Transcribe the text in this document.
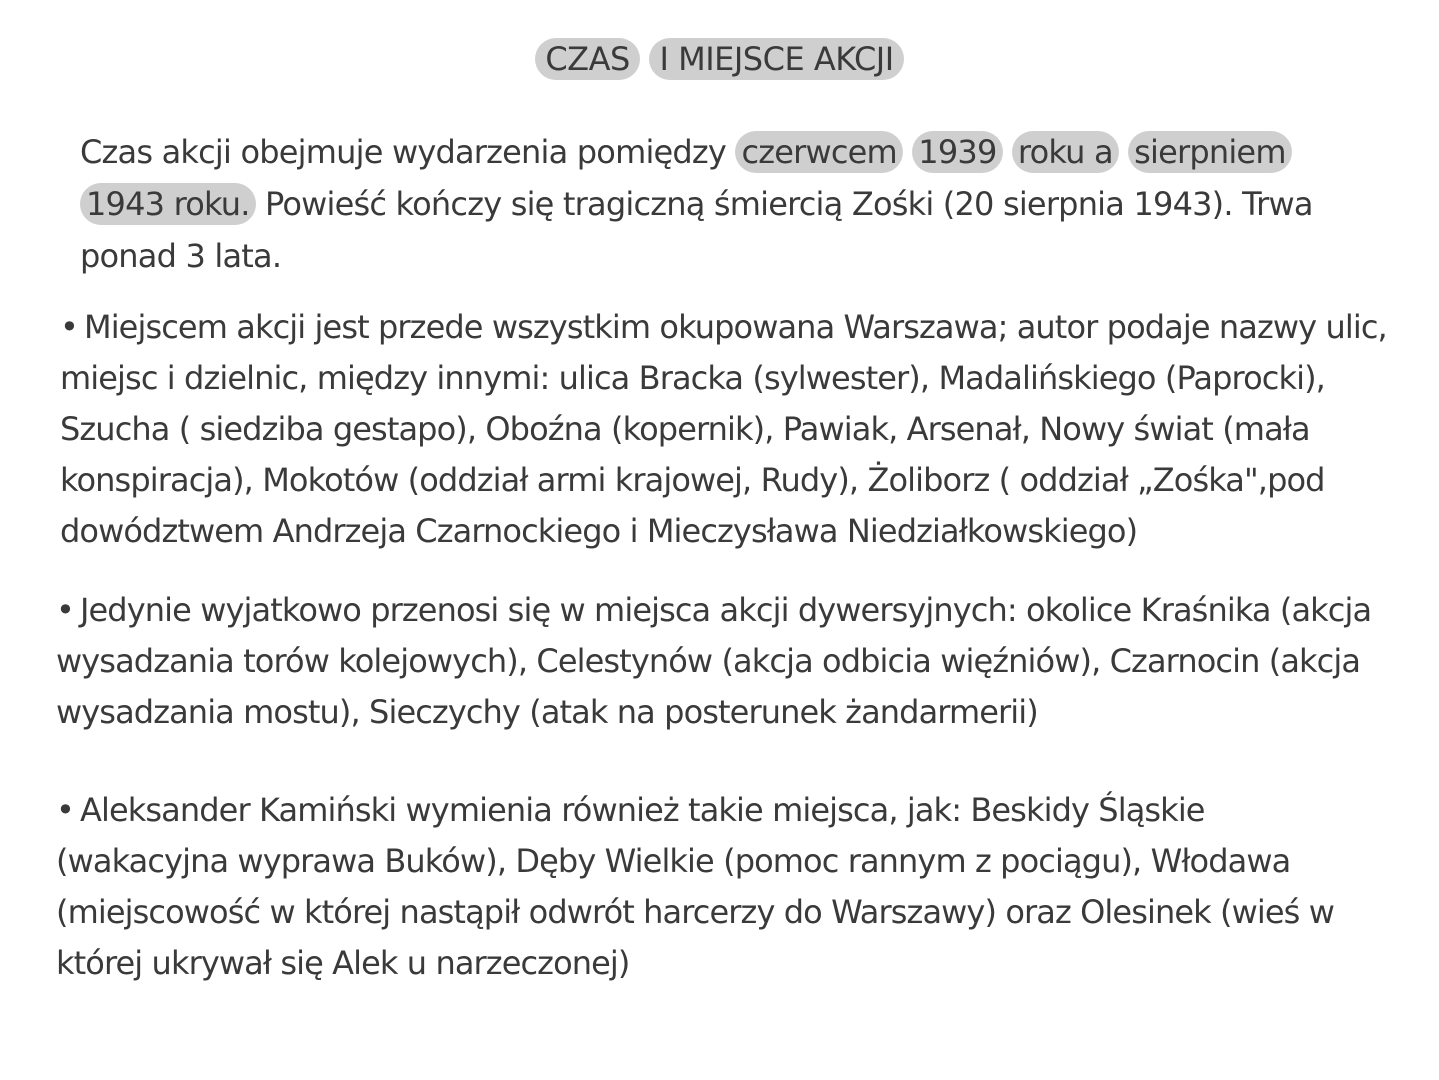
CZAS I MIEJSCE AKCJI

Czas akcji obejmuje wydarzenia pomiędzy czerwcem 1939 roku a sierpniem 1943 roku. Powieść kończy się tragiczną śmiercią Zośki (20 sierpnia 1943). Trwa ponad 3 lata.

• Miejscem akcji jest przede wszystkim okupowana Warszawa; autor podaje nazwy ulic, miejsc i dzielnic, między innymi: ulica Bracka (sylwester), Madalińskiego (Paprocki), Szucha ( siedziba gestapo), Oboźna (kopernik), Pawiak, Arsenał, Nowy świat (mała konspiracja), Mokotów (oddział armi krajowej, Rudy), Żoliborz ( oddział „Zośka",pod dowództwem Andrzeja Czarnockiego i Mieczysława Niedziałkowskiego)

• Jedynie wyjatkowo przenosi się w miejsca akcji dywersyjnych: okolice Kraśnika (akcja wysadzania torów kolejowych), Celestynów (akcja odbicia więźniów), Czarnocin (akcja wysadzania mostu), Sieczychy (atak na posterunek żandarmerii)

• Aleksander Kamiński wymienia również takie miejsca, jak: Beskidy Śląskie (wakacyjna wyprawa Buków), Dęby Wielkie (pomoc rannym z pociągu), Włodawa (miejscowość w której nastąpił odwrót harcerzy do Warszawy) oraz Olesinek (wieś w której ukrywał się Alek u narzeczonej)
